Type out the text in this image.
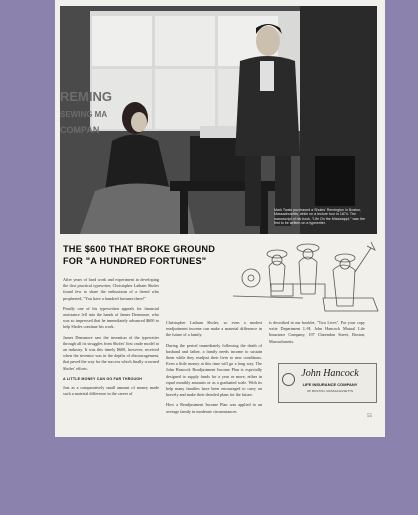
REMING
SEWING MA
COMPAN
Mark Twain purchased a Sholes' Remington in Boston, Massachusetts, while on a lecture tour in 1874. The manuscript of his book, "Life On the Mississippi," was the first to be written on a typewriter.
THE $600 THAT BROKE GROUND
FOR "A HUNDRED FORTUNES"

After years of hard work and experiment in developing the first practical typewriter, Christopher Latham Sholes found few to share the enthusiasm of a friend who prophesied, "You have a hundred fortunes there!"

Finally one of his typewritten appeals for financial assistance fell into the hands of James Densmore, who was so impressed that he immediately advanced $600 to help Sholes continue his work.

James Densmore saw the invention of the typewriter through all its struggles from Sholes' first crude model to an industry. It was this timely $600, however, received when the inventor was in the depths of discouragement, that paved the way for the success which finally crowned Sholes' efforts.

A LITTLE MONEY CAN GO FAR THROUGH

Just as a comparatively small amount of money made such a material difference in the career of

Christopher Latham Sholes, so even a modest readjustment income can make a material difference in the future of a family.

During the period immediately following the death of husband and father, a family needs income to sustain them while they readjust their lives to new conditions. Even a little money at this time will go a long way. The John Hancock Readjustment Income Plan is especially designed to supply funds for a year or more, either in equal monthly amounts or as a graduated scale. With its help many families have been encouraged to carry on bravely and make their detailed plans for the future.

How a Readjustment Income Plan was applied to an average family in moderate circumstances

is described in our booklet, "Two Lives". For your copy write Department L-H, John Hancock Mutual Life Insurance Company, 197 Clarendon Street, Boston, Massachusetts.

55
John Hancock
LIFE INSURANCE COMPANY
OF BOSTON, MASSACHUSETTS
